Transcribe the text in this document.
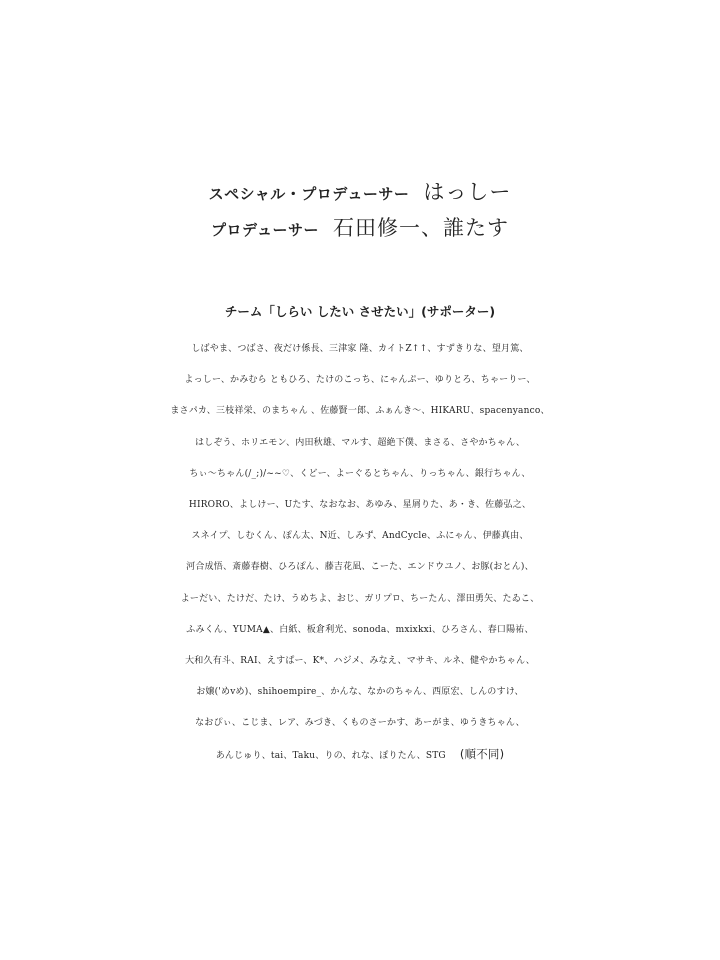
スペシャル・プロデューサー はっしー
プロデューサー 石田修一、誰たす
チーム「しらい したい させたい」(サポーター)
しばやま、つばさ、夜だけ係長、三津家 隆、カイトZ↑↑、すずきりな、望月篤、
よっしー、かみむら ともひろ、たけのこっち、にゃんぷー、ゆりとろ、ちゃーりー、
まさパカ、三枝祥栄、のまちゃん 、佐藤賢一郎、ふぁんき〜、HIKARU、spacenyanco、
はしぞう、ホリエモン、内田秋雄、マルす、超絶下僕、まさる、さやかちゃん、
ちぃ〜ちゃん(/_;)/~~♡、くどー、よーぐるとちゃん、りっちゃん、銀行ちゃん、
HIRORO、よしけー、Uたす、なおなお、あゆみ、星屑りた、あ・き、佐藤弘之、
スネイプ、しむくん、ぽん太、N近、しみず、AndCycle、ふにゃん、伊藤真由、
河合成悟、斎藤春樹、ひろぽん、藤吉花凪、こーた、エンドウユノ、お豚(おとん)、
よーだい、たけだ、たけ、うめちよ、おじ、ガリプロ、ちーたん、澤田勇矢、たゐこ、
ふみくん、YUMA▲、白紙、板倉利光、sonoda、mxixkxi、ひろさん、春口陽祐、
大和久有斗、RAI、えすぱー、K*、ハジメ、みなえ、マサキ、ルネ、健やかちゃん、
お嬢('めvめ)、shihoempire_、かんな、なかのちゃん、西原宏、しんのすけ、
なおぴぃ、こじま、レア、みづき、くものさーかす、あーがま、ゆうきちゃん、
あんじゅり、tai、Taku、りの、れな、ぽりたん、STG (順不同)
